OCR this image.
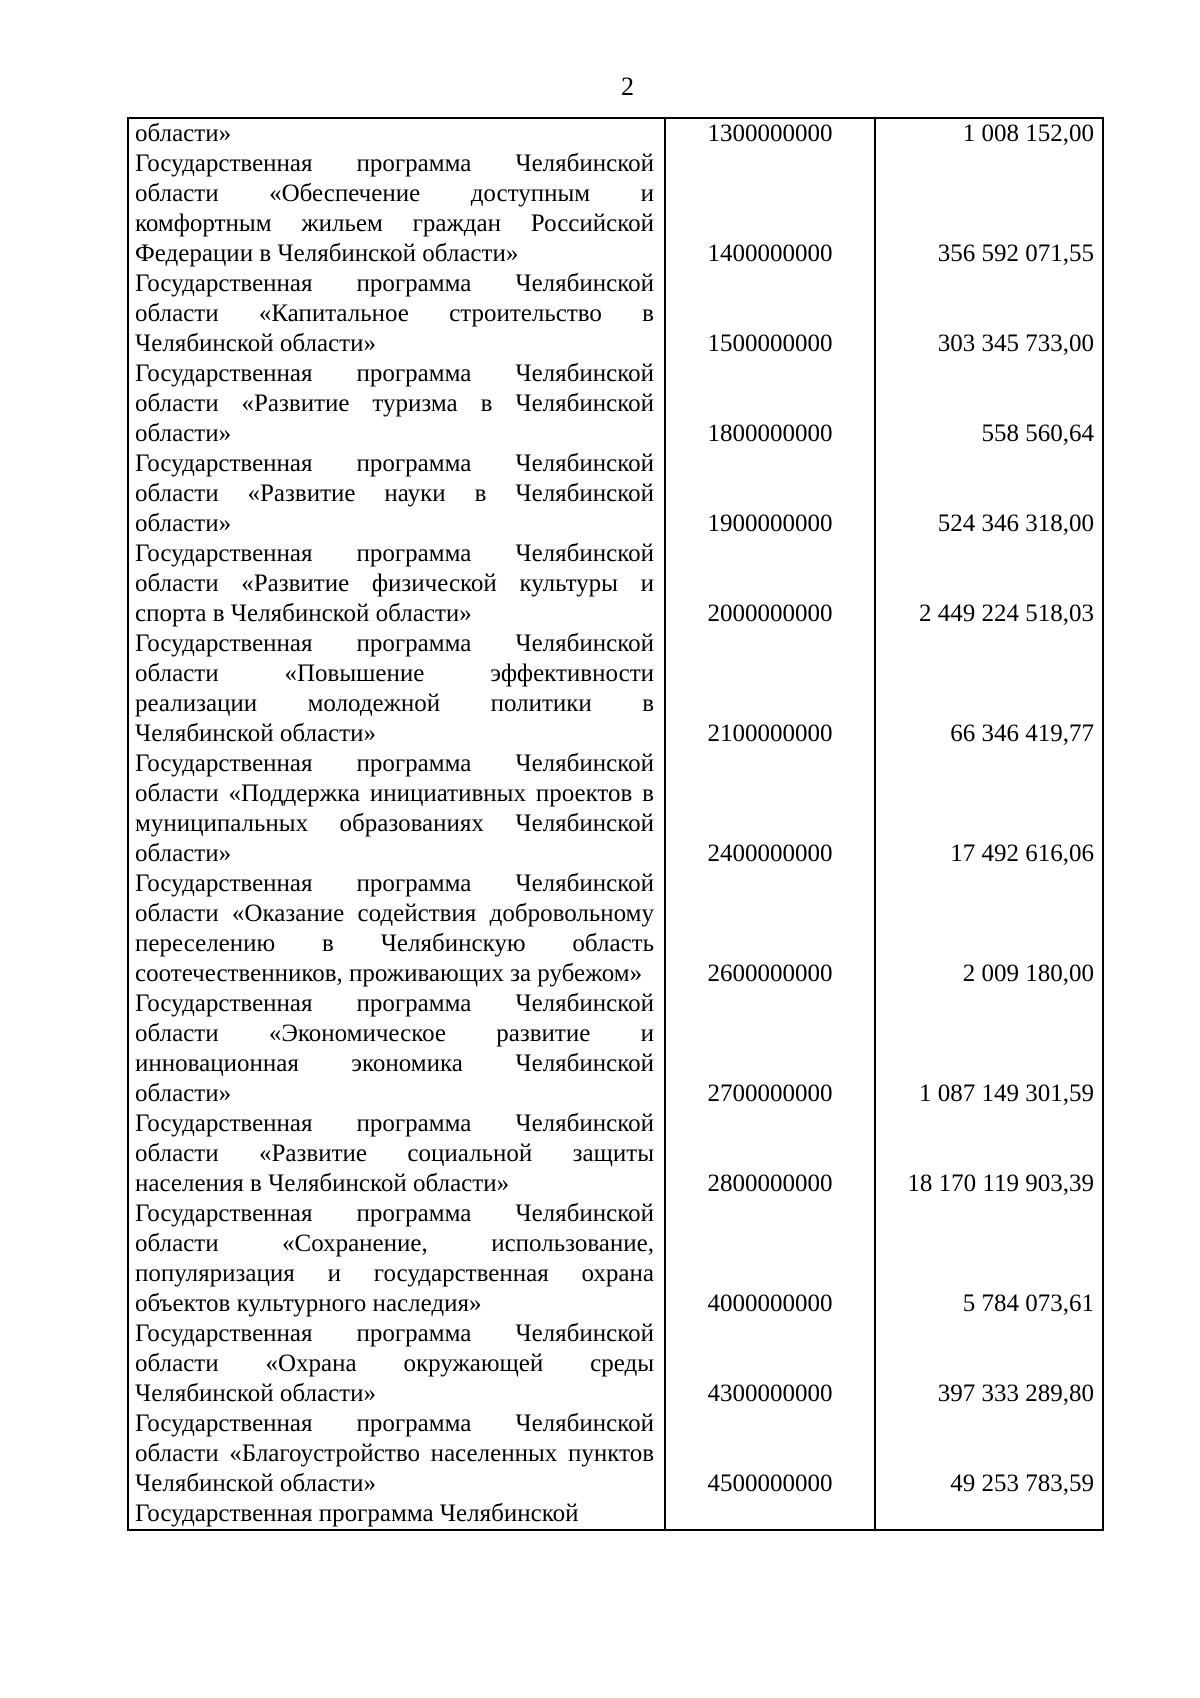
2
области»	1300000000	1 008 152,00
Государственная программа Челябинской области «Обеспечение доступным и комфортным жильем граждан Российской Федерации в Челябинской области»	1400000000	356 592 071,55
Государственная программа Челябинской области «Капитальное строительство в Челябинской области»	1500000000	303 345 733,00
Государственная программа Челябинской области «Развитие туризма в Челябинской области»	1800000000	558 560,64
Государственная программа Челябинской области «Развитие науки в Челябинской области»	1900000000	524 346 318,00
Государственная программа Челябинской области «Развитие физической культуры и спорта в Челябинской области»	2000000000	2 449 224 518,03
Государственная программа Челябинской области «Повышение эффективности реализации молодежной политики в Челябинской области»	2100000000	66 346 419,77
Государственная программа Челябинской области «Поддержка инициативных проектов в муниципальных образованиях Челябинской области»	2400000000	17 492 616,06
Государственная программа Челябинской области «Оказание содействия добровольному переселению в Челябинскую область соотечественников, проживающих за рубежом»	2600000000	2 009 180,00
Государственная программа Челябинской области «Экономическое развитие и инновационная экономика Челябинской области»	2700000000	1 087 149 301,59
Государственная программа Челябинской области «Развитие социальной защиты населения в Челябинской области»	2800000000	18 170 119 903,39
Государственная программа Челябинской области «Сохранение, использование, популяризация и государственная охрана объектов культурного наследия»	4000000000	5 784 073,61
Государственная программа Челябинской области «Охрана окружающей среды Челябинской области»	4300000000	397 333 289,80
Государственная программа Челябинской области «Благоустройство населенных пунктов Челябинской области»	4500000000	49 253 783,59
Государственная программа Челябинской		
